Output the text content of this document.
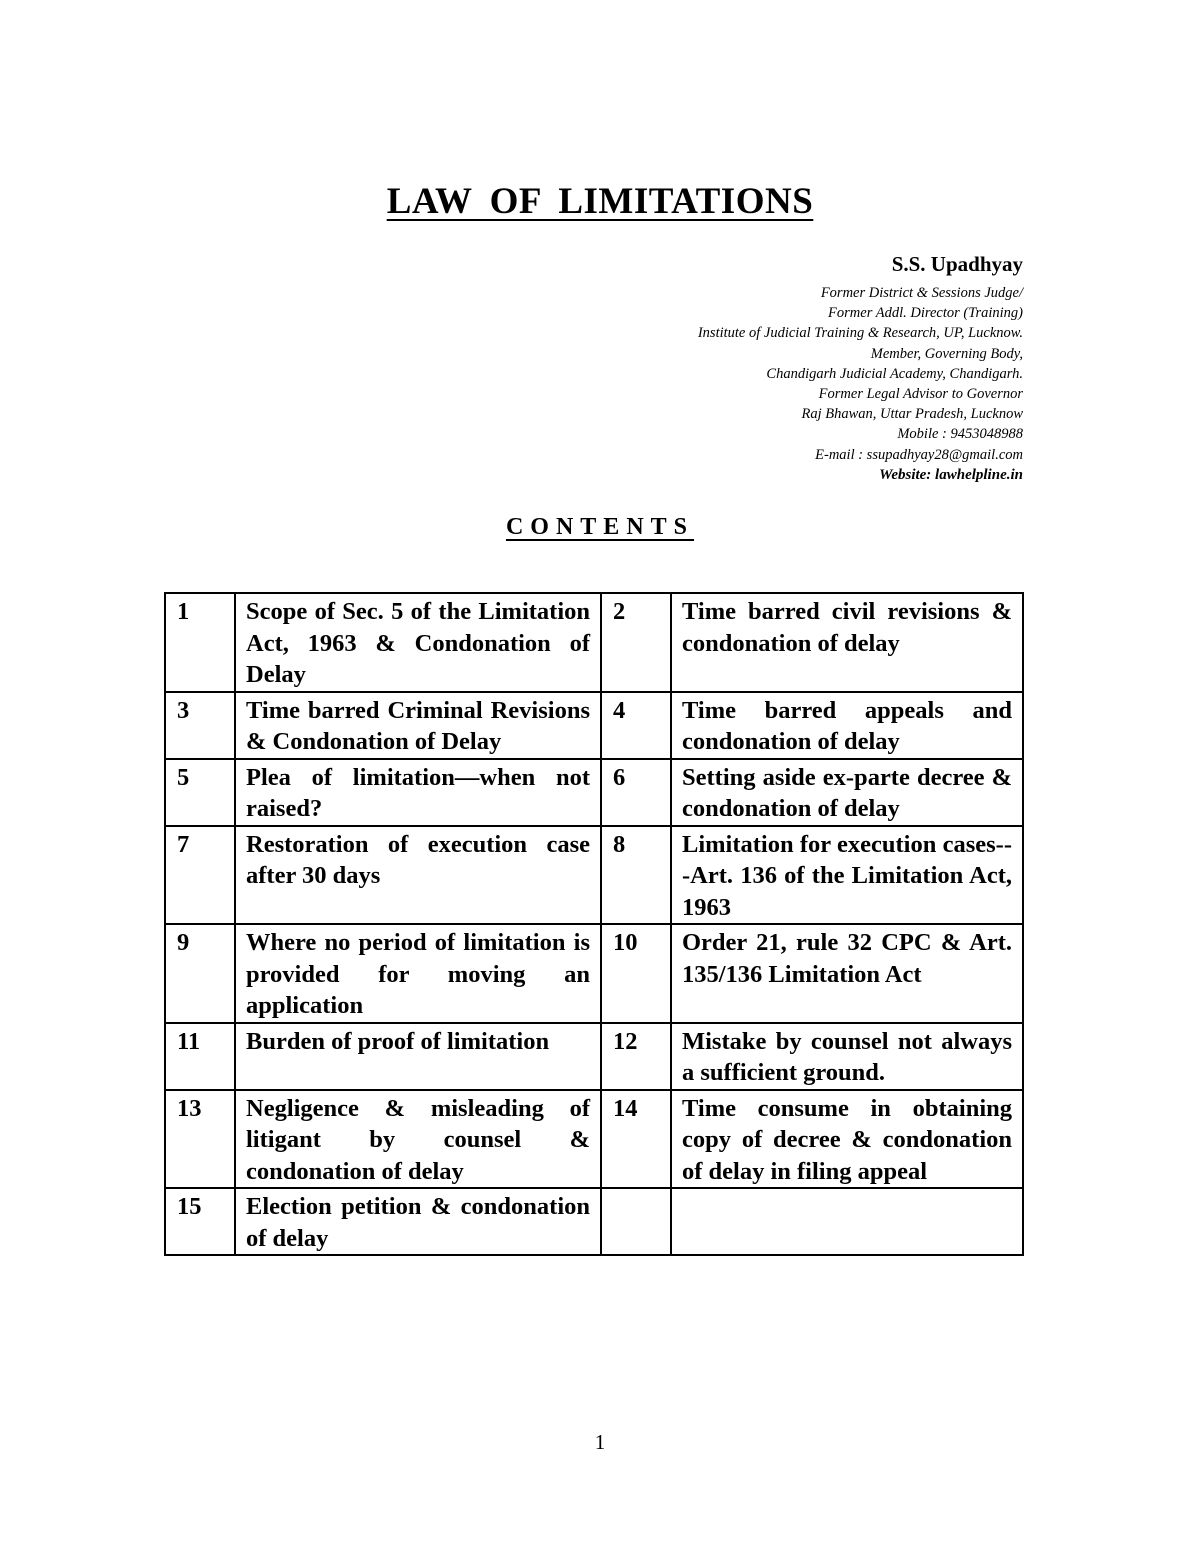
LAW OF LIMITATIONS

S.S. Upadhyay

Former District & Sessions Judge/

Former Addl. Director (Training)

Institute of Judicial Training & Research, UP, Lucknow.

Member, Governing Body,

Chandigarh Judicial Academy, Chandigarh.

Former Legal Advisor to Governor

Raj Bhawan, Uttar Pradesh, Lucknow

Mobile : 9453048988

E-mail : ssupadhyay28@gmail.com

Website: lawhelpline.in

CONTENTS
1	Scope of Sec. 5 of the Limitation Act, 1963 & Condonation of Delay	2	Time barred civil revisions & condonation of delay
3	Time barred Criminal Revisions & Condonation of Delay	4	Time barred appeals and condonation of delay
5	Plea of limitation—when not raised?	6	Setting aside ex-parte decree & condonation of delay
7	Restoration of execution case after 30 days	8	Limitation for execution cases---Art. 136 of the Limitation Act, 1963
9	Where no period of limitation is provided for moving an application	10	Order 21, rule 32 CPC & Art. 135/136 Limitation Act
11	Burden of proof of limitation	12	Mistake by counsel not always a sufficient ground.
13	Negligence & misleading of litigant by counsel & condonation of delay	14	Time consume in obtaining copy of decree & condonation of delay in filing appeal
15	Election petition & condonation of delay		

1
